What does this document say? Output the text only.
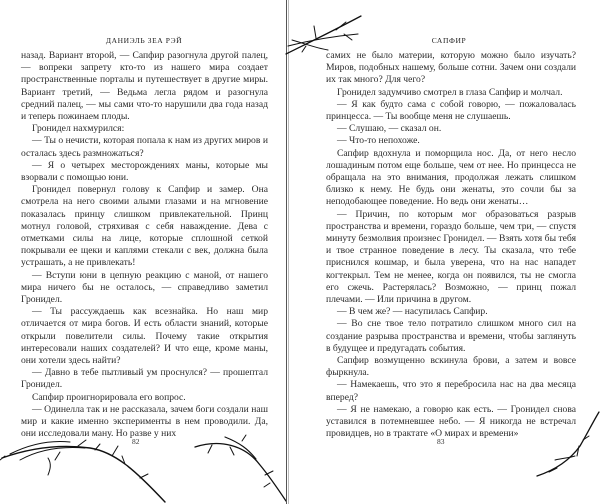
ДАНИЭЛЬ ЗЕА РЭЙ

назад. Вариант второй, — Сапфир разогнула другой палец, — вопреки запрету кто-то из нашего мира создает пространственные порталы и путешествует в другие миры. Вариант третий, — Ведьма легла рядом и разогнула средний палец, — мы сами что-то нарушили два года назад и теперь пожинаем плоды.

Гронидел нахмурился:

— Ты о нечисти, которая попала к нам из других миров и осталась здесь размножаться?

— Я о четырех месторождениях маны, которые мы взорвали с помощью юни.

Гронидел повернул голову к Сапфир и замер. Она смотрела на него своими алыми глазами и на мгновение показалась принцу слишком привлекательной. Принц мотнул головой, стряхивая с себя наваждение. Дева с отметками силы на лице, которые сплошной сеткой покрывали ее щеки и каплями стекали с век, должна была устрашать, а не привлекать!

— Вступи юни в цепную реакцию с маной, от нашего мира ничего бы не осталось, — справедливо заметил Гронидел.

— Ты рассуждаешь как всезнайка. Но наш мир отличается от мира богов. И есть области знаний, которые открыли повелители силы. Почему такие открытия интересовали наших создателей? И что еще, кроме маны, они хотели здесь найти?

— Давно в тебе пытливый ум проснулся? — прошептал Гронидел.

Сапфир проигнорировала его вопрос.

— Одинелла так и не рассказала, зачем боги создали наш мир и какие именно эксперименты в нем проводили. Да, они исследовали ману. Но разве у них

82
САПФИР

самих не было материи, которую можно было изучать? Миров, подобных нашему, больше сотни. Зачем они создали их так много? Для чего?

Гронидел задумчиво смотрел в глаза Сапфир и молчал.

— Я как будто сама с собой говорю, — пожаловалась принцесса. — Ты вообще меня не слушаешь.

— Слушаю, — сказал он.

— Что-то непохоже.

Сапфир вдохнула и поморщила нос. Да, от него несло лошадиным потом еще больше, чем от нее. Но принцесса не обращала на это внимания, продолжая лежать слишком близко к нему. Не будь они женаты, это сочли бы за неподобающее поведение. Но ведь они женаты…

— Причин, по которым мог образоваться разрыв пространства и времени, гораздо больше, чем три, — спустя минуту безмолвия произнес Гронидел. — Взять хотя бы тебя и твое странное поведение в лесу. Ты сказала, что тебе приснился кошмар, и была уверена, что на нас нападет когтекрыл. Тем не менее, когда он появился, ты не смогла его сжечь. Растерялась? Возможно, — принц пожал плечами. — Или причина в другом.

— В чем же? — насупилась Сапфир.

— Во сне твое тело потратило слишком много сил на создание разрыва пространства и времени, чтобы заглянуть в будущее и предугадать события.

Сапфир возмущенно вскинула брови, а затем и вовсе фыркнула.

— Намекаешь, что это я перебросила нас на два месяца вперед?

— Я не намекаю, а говорю как есть. — Гронидел снова уставился в потемневшее небо. — Я никогда не встречал провидцев, но в трактате «О мирах и времени»

83
